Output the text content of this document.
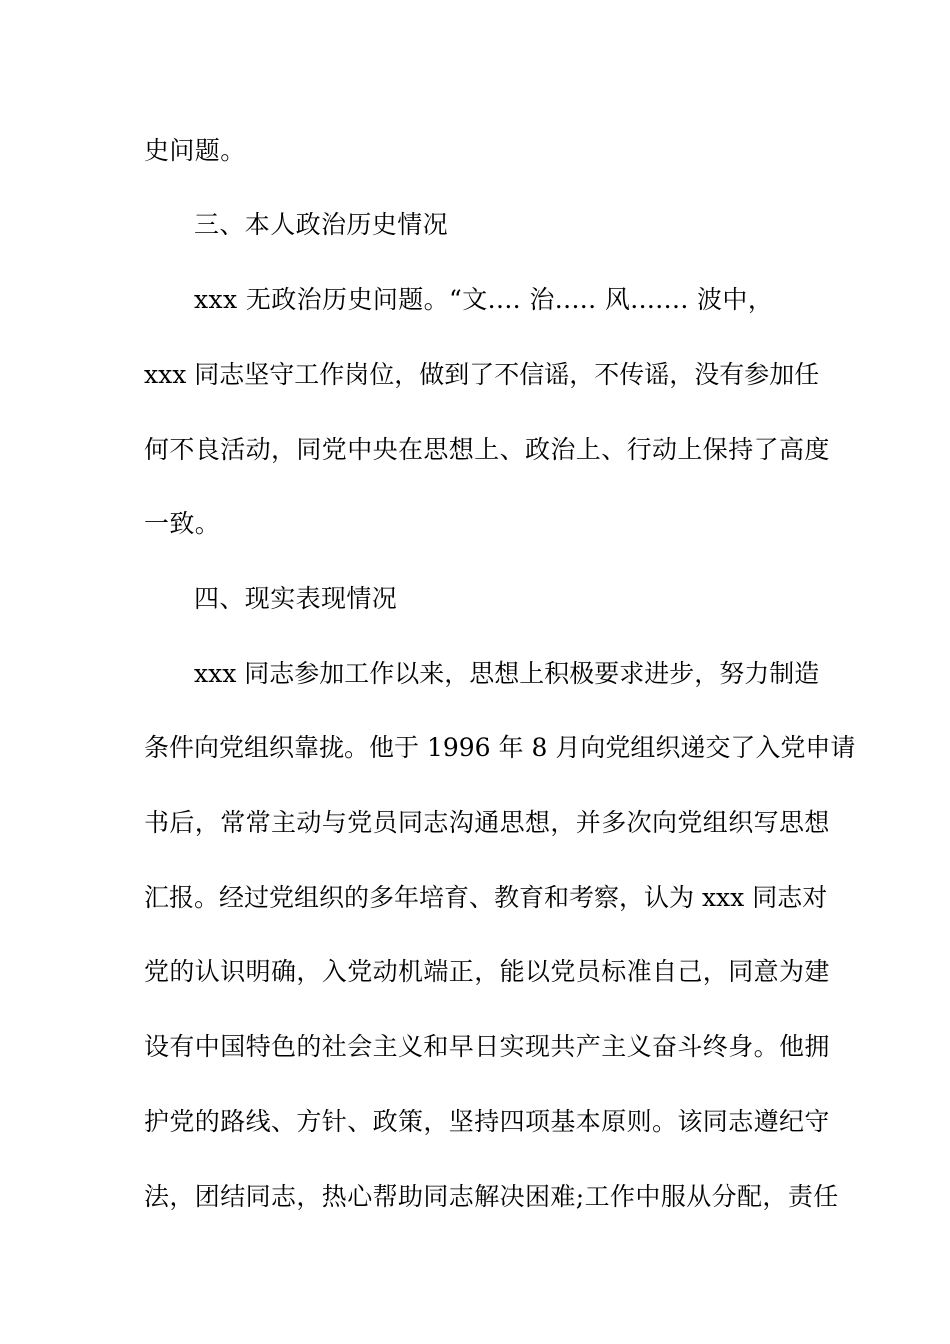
史问题。
三、本人政治历史情况
xxx 无政治历史问题。“文.... 治..... 风....... 波中，
xxx 同志坚守工作岗位，做到了不信谣，不传谣，没有参加任
何不良活动，同党中央在思想上、政治上、行动上保持了高度
一致。
四、现实表现情况
xxx 同志参加工作以来，思想上积极要求进步，努力制造
条件向党组织靠拢。他于 1996 年 8 月向党组织递交了入党申请
书后，常常主动与党员同志沟通思想，并多次向党组织写思想
汇报。经过党组织的多年培育、教育和考察，认为 xxx 同志对
党的认识明确，入党动机端正，能以党员标准自己，同意为建
设有中国特色的社会主义和早日实现共产主义奋斗终身。他拥
护党的路线、方针、政策，坚持四项基本原则。该同志遵纪守
法，团结同志，热心帮助同志解决困难;工作中服从分配，责任
